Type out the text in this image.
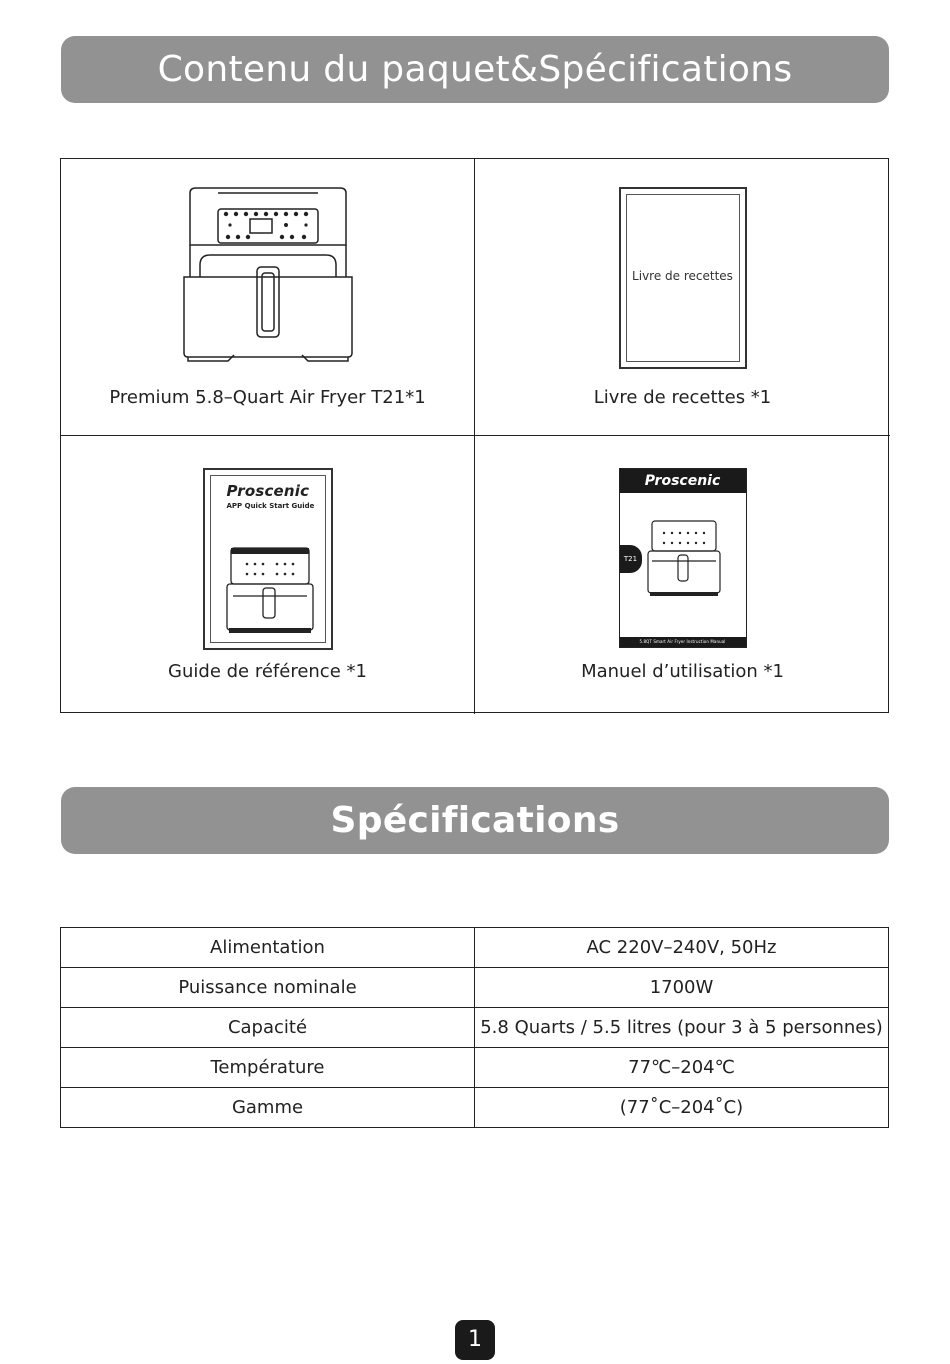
Contenu du paquet&Spécifications
Premium 5.8–Quart Air Fryer T21*1
Livre de recettes
Livre de recettes *1
Proscenic
APP Quick Start Guide
Guide de référence *1
Proscenic
T21
5.8QT Smart Air Fryer Instruction Manual
Manuel d’utilisation *1
Spécifications
Alimentation	AC 220V–240V, 50Hz
Puissance nominale	1700W
Capacité	5.8 Quarts / 5.5 litres (pour 3 à 5 personnes)
Température	77℃–204℃
Gamme	(77˚C–204˚C)
1
